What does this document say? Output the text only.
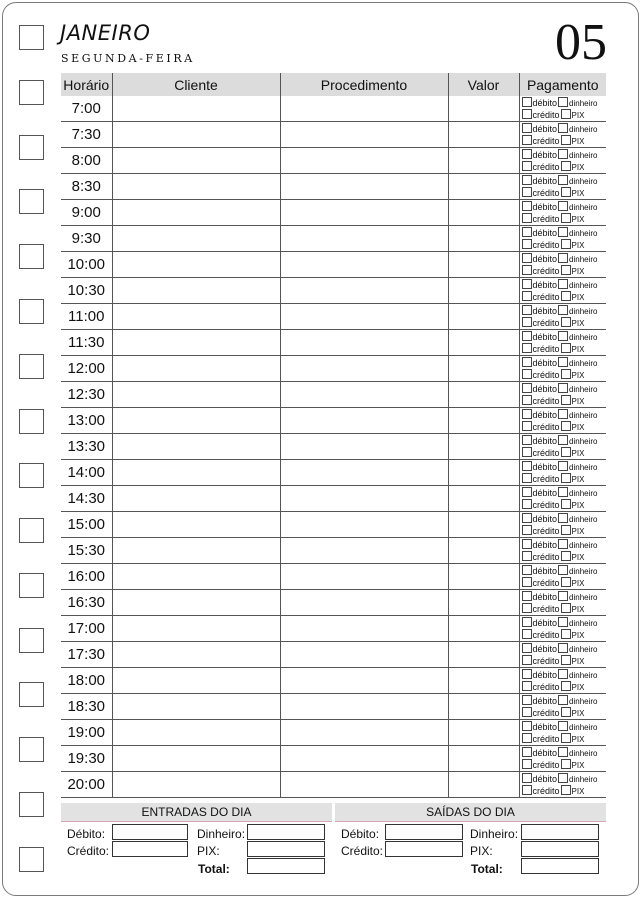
JANEIRO
SEGUNDA-FEIRA	05
Horário	Cliente	Procedimento	Valor	Pagamento
7:00				débito dinheiro
crédito PIX

7:30				débito dinheiro
crédito PIX

8:00				débito dinheiro
crédito PIX

8:30				débito dinheiro
crédito PIX

9:00				débito dinheiro
crédito PIX

9:30				débito dinheiro
crédito PIX

10:00				débito dinheiro
crédito PIX

10:30				débito dinheiro
crédito PIX

11:00				débito dinheiro
crédito PIX

11:30				débito dinheiro
crédito PIX

12:00				débito dinheiro
crédito PIX

12:30				débito dinheiro
crédito PIX

13:00				débito dinheiro
crédito PIX

13:30				débito dinheiro
crédito PIX

14:00				débito dinheiro
crédito PIX

14:30				débito dinheiro
crédito PIX

15:00				débito dinheiro
crédito PIX

15:30				débito dinheiro
crédito PIX

16:00				débito dinheiro
crédito PIX

16:30				débito dinheiro
crédito PIX

17:00				débito dinheiro
crédito PIX

17:30				débito dinheiro
crédito PIX

18:00				débito dinheiro
crédito PIX

18:30				débito dinheiro
crédito PIX

19:00				débito dinheiro
crédito PIX

19:30				débito dinheiro
crédito PIX

20:00				débito dinheiro
crédito PIX
ENTRADAS DO DIA	SAÍDAS DO DIA
Débito:
Crédito:
Dinheiro:
PIX:
Total:
Débito:
Crédito:
Dinheiro:
PIX:
Total:
